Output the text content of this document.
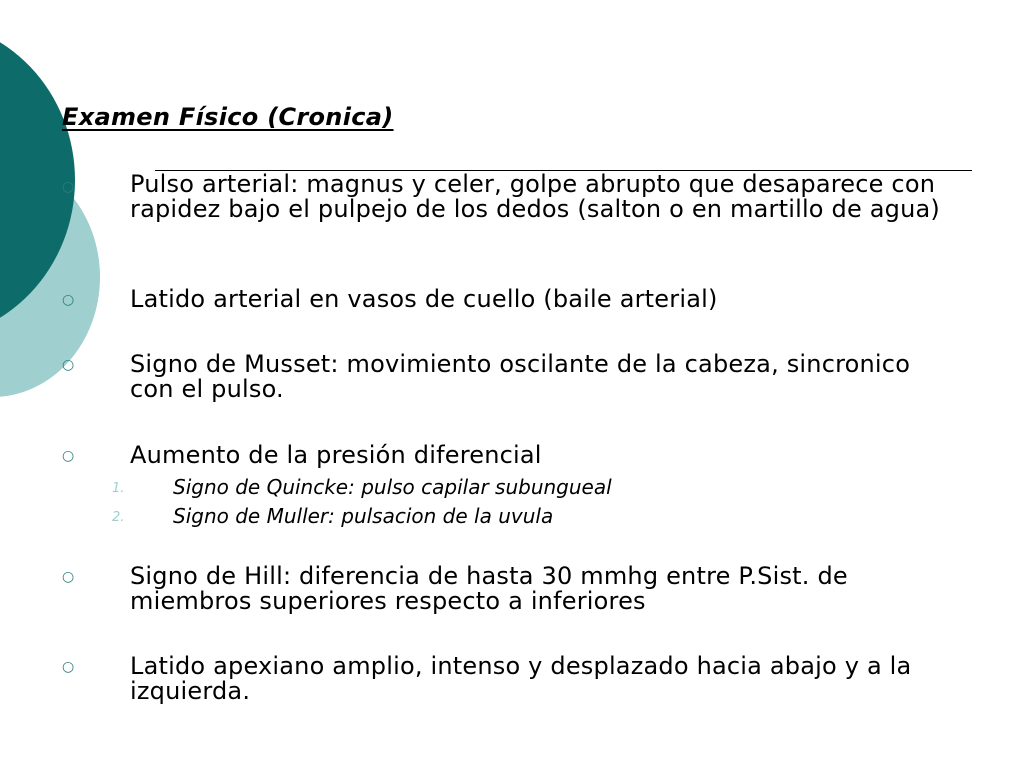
Examen Físico (Cronica)
○ Pulso arterial: magnus y celer, golpe abrupto que desaparece con rapidez bajo el pulpejo de los dedos (salton o en martillo de agua)

○ Latido arterial en vasos de cuello (baile arterial)

○ Signo de Musset: movimiento oscilante de la cabeza, sincronico con el pulso.

○ Aumento de la presión diferencial

1. Signo de Quincke: pulso capilar subungueal
2. Signo de Muller: pulsacion de la uvula
○ Signo de Hill: diferencia de hasta 30 mmhg entre P.Sist. de miembros superiores respecto a inferiores

○ Latido apexiano amplio, intenso y desplazado hacia abajo y a la izquierda.
